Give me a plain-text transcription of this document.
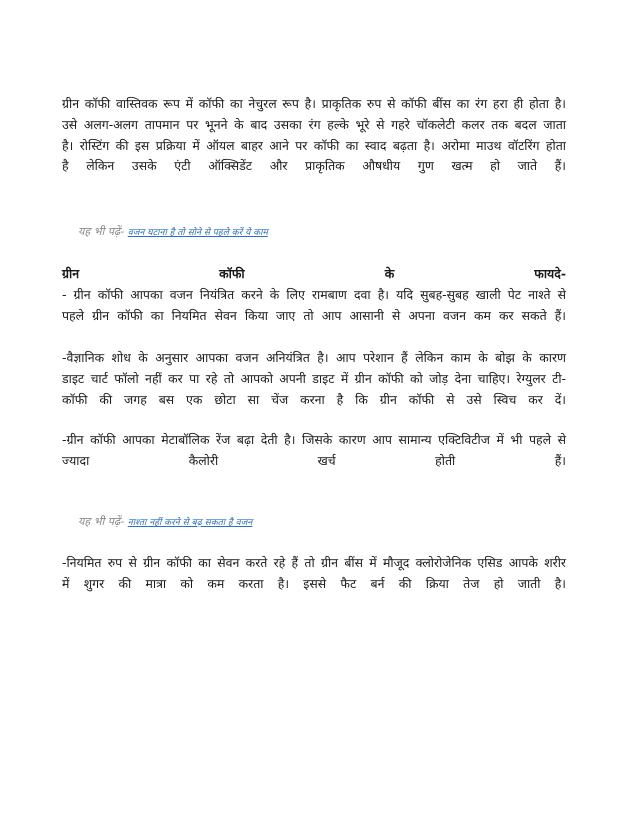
ग्रीन कॉफी वास्तिवक रूप में कॉफी का नेचुरल रूप है। प्राकृतिक रुप से कॉफी बींस का रंग हरा ही होता है।
उसे अलग-अलग तापमान पर भूनने के बाद उसका रंग हल्के भूरे से गहरे चॉकलेटी कलर तक बदल जाता
है। रोस्टिंग की इस प्रक्रिया में ऑयल बाहर आने पर कॉफी का स्वाद बढ़ता है। अरोमा माउथ वॉटरिंग होता
है लेकिन उसके एंटी ऑक्सिडेंट और प्राकृतिक औषधीय गुण खत्म हो जाते हैं।
यह भी पढ़ें- वजन घटाना है तो सोने से पहले करें ये काम
ग्रीन	कॉफी	के	फायदे-
- ग्रीन कॉफी आपका वजन नियंत्रित करने के लिए रामबाण दवा है। यदि सुबह-सुबह खाली पेट नाश्ते से
पहले ग्रीन कॉफी का नियमित सेवन किया जाए तो आप आसानी से अपना वजन कम कर सकते हैं।
-वैज्ञानिक शोध के अनुसार आपका वजन अनियंत्रित है। आप परेशान हैं लेकिन काम के बोझ के कारण
डाइट चार्ट फॉलो नहीं कर पा रहे तो आपको अपनी डाइट में ग्रीन कॉफी को जोड़ देना चाहिए। रेग्युलर टी-
कॉफी की जगह बस एक छोटा सा चेंज करना है कि ग्रीन कॉफी से उसे स्विच कर दें।
-ग्रीन कॉफी आपका मेटाबॉलिक रेंज बढ़ा देती है। जिसके कारण आप सामान्य एक्टिविटीज में भी पहले से
ज्यादा कैलोरी खर्च होती हैं।
यह भी पढ़ें- नाश्ता नहीं करने से बढ़ सकता है वजन
-नियमित रुप से ग्रीन कॉफी का सेवन करते रहे हैं तो ग्रीन बींस में मौजूद क्लोरोजेनिक एसिड आपके शरीर
में शुगर की मात्रा को कम करता है। इससे फैट बर्न की क्रिया तेज हो जाती है।
